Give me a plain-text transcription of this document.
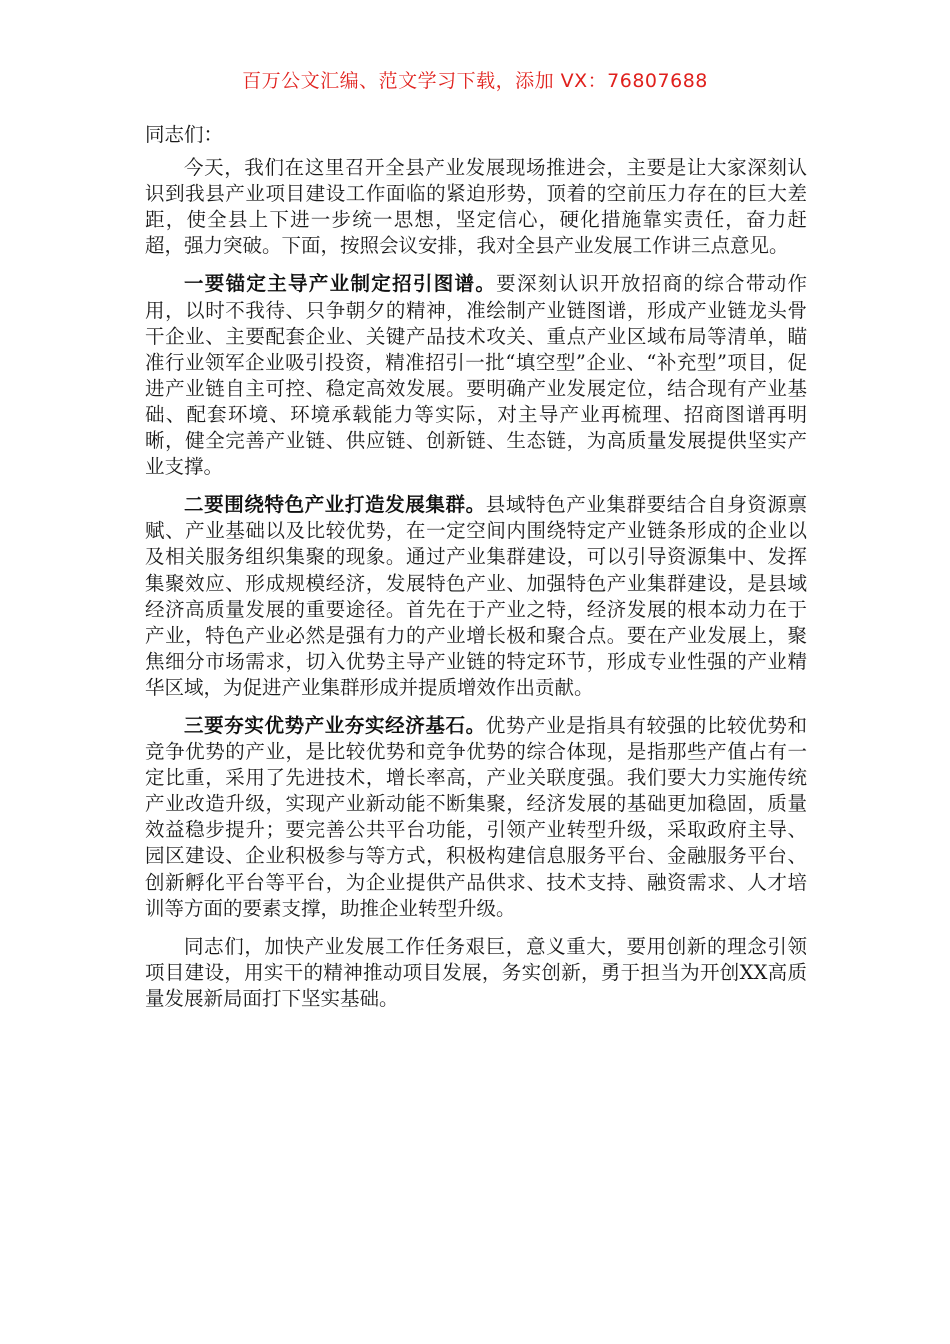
百万公文汇编、范文学习下载，添加 VX：76807688

同志们：

今天，我们在这里召开全县产业发展现场推进会，主要是让大家深刻认识到我县产业项目建设工作面临的紧迫形势，顶着的空前压力存在的巨大差距，使全县上下进一步统一思想，坚定信心，硬化措施靠实责任，奋力赶超，强力突破。下面，按照会议安排，我对全县产业发展工作讲三点意见。

一要锚定主导产业制定招引图谱。要深刻认识开放招商的综合带动作用，以时不我待、只争朝夕的精神，准绘制产业链图谱，形成产业链龙头骨干企业、主要配套企业、关键产品技术攻关、重点产业区域布局等清单，瞄准行业领军企业吸引投资，精准招引一批“填空型”企业、“补充型”项目，促进产业链自主可控、稳定高效发展。要明确产业发展定位，结合现有产业基础、配套环境、环境承载能力等实际，对主导产业再梳理、招商图谱再明晰，健全完善产业链、供应链、创新链、生态链，为高质量发展提供坚实产业支撑。

二要围绕特色产业打造发展集群。县域特色产业集群要结合自身资源禀赋、产业基础以及比较优势，在一定空间内围绕特定产业链条形成的企业以及相关服务组织集聚的现象。通过产业集群建设，可以引导资源集中、发挥集聚效应、形成规模经济，发展特色产业、加强特色产业集群建设，是县域经济高质量发展的重要途径。首先在于产业之特，经济发展的根本动力在于产业，特色产业必然是强有力的产业增长极和聚合点。要在产业发展上，聚焦细分市场需求，切入优势主导产业链的特定环节，形成专业性强的产业精华区域，为促进产业集群形成并提质增效作出贡献。

三要夯实优势产业夯实经济基石。优势产业是指具有较强的比较优势和竞争优势的产业，是比较优势和竞争优势的综合体现，是指那些产值占有一定比重，采用了先进技术，增长率高，产业关联度强。我们要大力实施传统产业改造升级，实现产业新动能不断集聚，经济发展的基础更加稳固，质量效益稳步提升；要完善公共平台功能，引领产业转型升级，采取政府主导、园区建设、企业积极参与等方式，积极构建信息服务平台、金融服务平台、创新孵化平台等平台，为企业提供产品供求、技术支持、融资需求、人才培训等方面的要素支撑，助推企业转型升级。

同志们，加快产业发展工作任务艰巨，意义重大，要用创新的理念引领项目建设，用实干的精神推动项目发展，务实创新，勇于担当为开创XX高质量发展新局面打下坚实基础。
